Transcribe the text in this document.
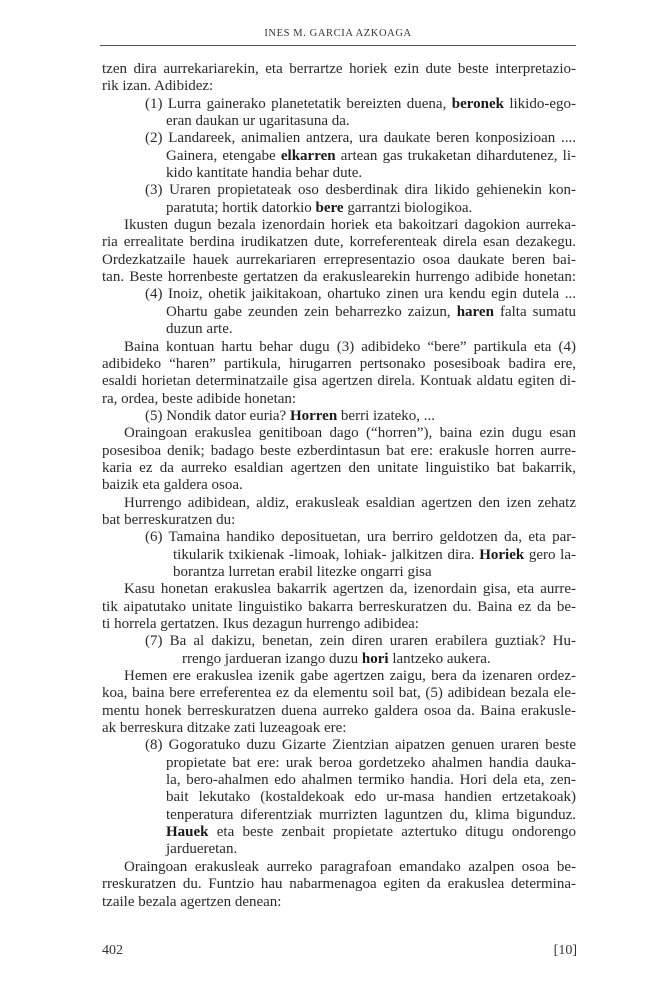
INES M. GARCIA AZKOAGA
tzen dira aurrekariarekin, eta berrartze horiek ezin dute beste interpretazio-
rik izan. Adibidez:
(1) Lurra gainerako planetetatik bereizten duena, beronek likido-ego-
eran daukan ur ugaritasuna da.
(2) Landareek, animalien antzera, ura daukate beren konposizioan ....
Gainera, etengabe elkarren artean gas trukaketan dihardutenez, li-
kido kantitate handia behar dute.
(3) Uraren propietateak oso desberdinak dira likido gehienekin kon-
paratuta; hortik datorkio bere garrantzi biologikoa.
Ikusten dugun bezala izenordain horiek eta bakoitzari dagokion aurreka-
ria errealitate berdina irudikatzen dute, korreferenteak direla esan dezakegu.
Ordezkatzaile hauek aurrekariaren errepresentazio osoa daukate beren bai-
tan. Beste horrenbeste gertatzen da erakuslearekin hurrengo adibide honetan:
(4) Inoiz, ohetik jaikitakoan, ohartuko zinen ura kendu egin dutela ...
Ohartu gabe zeunden zein beharrezko zaizun, haren falta sumatu
duzun arte.
Baina kontuan hartu behar dugu (3) adibideko “bere” partikula eta (4)
adibideko “haren” partikula, hirugarren pertsonako posesiboak badira ere,
esaldi horietan determinatzaile gisa agertzen direla. Kontuak aldatu egiten di-
ra, ordea, beste adibide honetan:
(5) Nondik dator euria? Horren berri izateko, ...
Oraingoan erakuslea genitiboan dago (“horren”), baina ezin dugu esan
posesiboa denik; badago beste ezberdintasun bat ere: erakusle horren aurre-
karia ez da aurreko esaldian agertzen den unitate linguistiko bat bakarrik,
baizik eta galdera osoa.
Hurrengo adibidean, aldiz, erakusleak esaldian agertzen den izen zehatz
bat berreskuratzen du:
(6) Tamaina handiko deposituetan, ura berriro geldotzen da, eta par-
tikularik txikienak -limoak, lohiak- jalkitzen dira. Horiek gero la-
borantza lurretan erabil litezke ongarri gisa
Kasu honetan erakuslea bakarrik agertzen da, izenordain gisa, eta aurre-
tik aipatutako unitate linguistiko bakarra berreskuratzen du. Baina ez da be-
ti horrela gertatzen. Ikus dezagun hurrengo adibidea:
(7) Ba al dakizu, benetan, zein diren uraren erabilera guztiak? Hu-
rrengo jardueran izango duzu hori lantzeko aukera.
Hemen ere erakuslea izenik gabe agertzen zaigu, bera da izenaren ordez-
koa, baina bere erreferentea ez da elementu soil bat, (5) adibidean bezala ele-
mentu honek berreskuratzen duena aurreko galdera osoa da. Baina erakusle-
ak berreskura ditzake zati luzeagoak ere:
(8) Gogoratuko duzu Gizarte Zientzian aipatzen genuen uraren beste
propietate bat ere: urak beroa gordetzeko ahalmen handia dauka-
la, bero-ahalmen edo ahalmen termiko handia. Hori dela eta, zen-
bait lekutako (kostaldekoak edo ur-masa handien ertzetakoak)
tenperatura diferentziak murrizten laguntzen du, klima bigunduz.
Hauek eta beste zenbait propietate aztertuko ditugu ondorengo
jardueretan.
Oraingoan erakusleak aurreko paragrafoan emandako azalpen osoa be-
rreskuratzen du. Funtzio hau nabarmenagoa egiten da erakuslea determina-
tzaile bezala agertzen denean:
402	[10]
